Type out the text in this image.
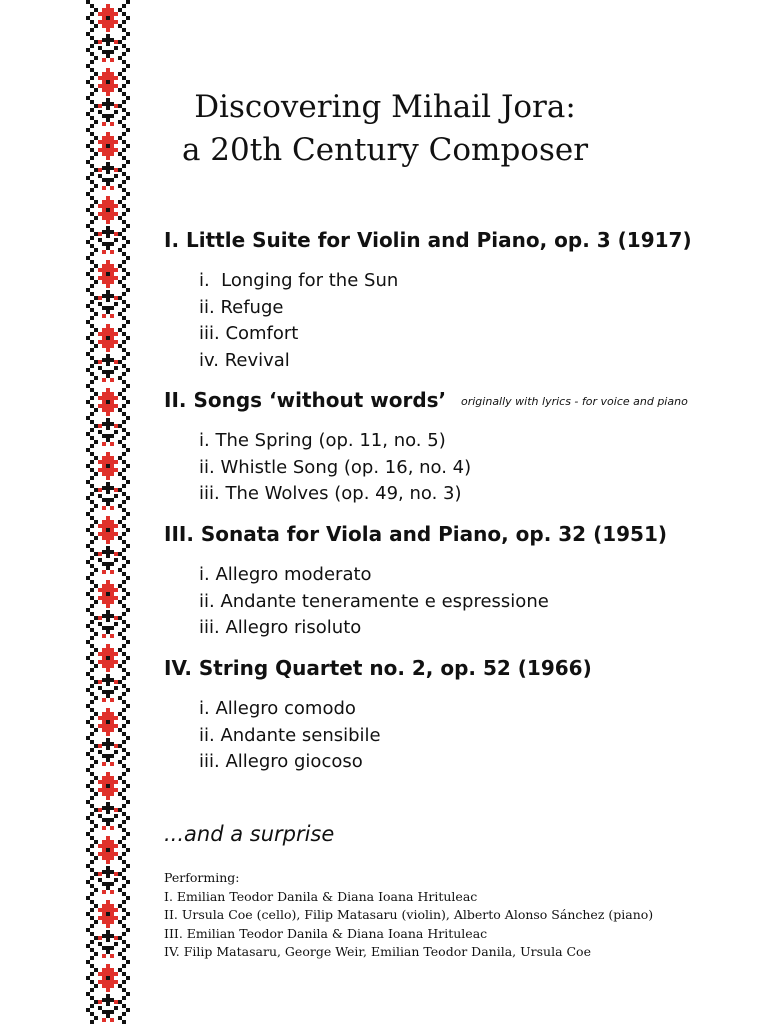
Discovering Mihail Jora:
a 20th Century Composer
I. Little Suite for Violin and Piano, op. 3 (1917)
i.  Longing for the Sun
ii. Refuge
iii. Comfort
iv. Revival
II. Songs ‘without words’ originally with lyrics - for voice and piano
i. The Spring (op. 11, no. 5)
ii. Whistle Song (op. 16, no. 4)
iii. The Wolves (op. 49, no. 3)
III. Sonata for Viola and Piano, op. 32 (1951)
i. Allegro moderato
ii. Andante teneramente e espressione
iii. Allegro risoluto
IV. String Quartet no. 2, op. 52 (1966)
i. Allegro comodo
ii. Andante sensibile
iii. Allegro giocoso
...and a surprise
Performing:
I. Emilian Teodor Danila & Diana Ioana Hrituleac
II. Ursula Coe (cello), Filip Matasaru (violin), Alberto Alonso Sánchez (piano)
III. Emilian Teodor Danila & Diana Ioana Hrituleac
IV. Filip Matasaru, George Weir, Emilian Teodor Danila, Ursula Coe
